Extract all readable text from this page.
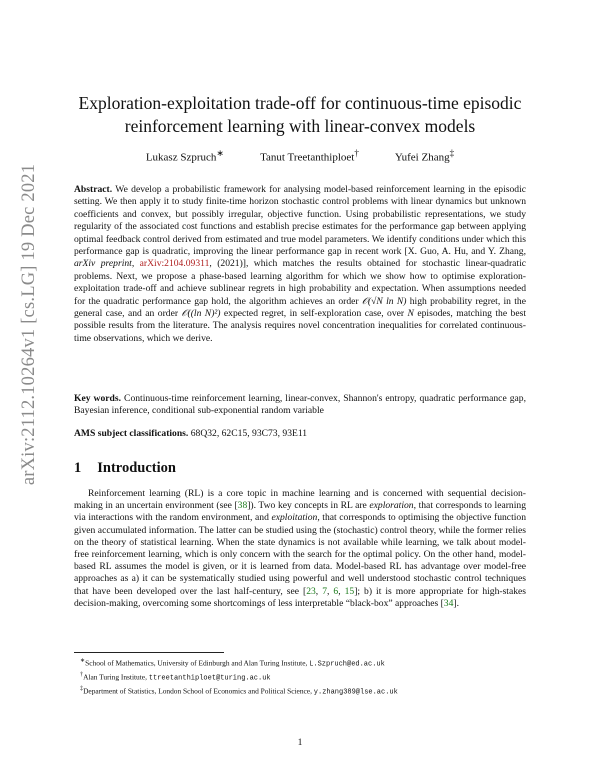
arXiv:2112.10264v1 [cs.LG] 19 Dec 2021
Exploration-exploitation trade-off for continuous-time episodic
reinforcement learning with linear-convex models
Lukasz Szpruch∗	Tanut Treetanthiploet†	Yufei Zhang‡
Abstract. We develop a probabilistic framework for analysing model-based reinforcement learning in the episodic setting. We then apply it to study finite-time horizon stochastic control problems with linear dynamics but unknown coefficients and convex, but possibly irregular, objective function. Using probabilistic representations, we study regularity of the associated cost functions and establish precise estimates for the performance gap between applying optimal feedback control derived from estimated and true model parameters. We identify conditions under which this performance gap is quadratic, improving the linear performance gap in recent work [X. Guo, A. Hu, and Y. Zhang, arXiv preprint, arXiv:2104.09311, (2021)], which matches the results obtained for stochastic linear-quadratic problems. Next, we propose a phase-based learning algorithm for which we show how to optimise exploration-exploitation trade-off and achieve sublinear regrets in high probability and expectation. When assumptions needed for the quadratic performance gap hold, the algorithm achieves an order 𝒪(√N ln N) high probability regret, in the general case, and an order 𝒪((ln N)²) expected regret, in self-exploration case, over N episodes, matching the best possible results from the literature. The analysis requires novel concentration inequalities for correlated continuous-time observations, which we derive.
Key words. Continuous-time reinforcement learning, linear-convex, Shannon's entropy, quadratic performance gap, Bayesian inference, conditional sub-exponential random variable
AMS subject classifications. 68Q32, 62C15, 93C73, 93E11
1 Introduction
Reinforcement learning (RL) is a core topic in machine learning and is concerned with sequential decision-making in an uncertain environment (see [38]). Two key concepts in RL are exploration, that corresponds to learning via interactions with the random environment, and exploitation, that corresponds to optimising the objective function given accumulated information. The latter can be studied using the (stochastic) control theory, while the former relies on the theory of statistical learning. When the state dynamics is not available while learning, we talk about model-free reinforcement learning, which is only concern with the search for the optimal policy. On the other hand, model-based RL assumes the model is given, or it is learned from data. Model-based RL has advantage over model-free approaches as a) it can be systematically studied using powerful and well understood stochastic control techniques that have been developed over the last half-century, see [23, 7, 6, 15]; b) it is more appropriate for high-stakes decision-making, overcoming some shortcomings of less interpretable “black-box” approaches [34].
∗School of Mathematics, University of Edinburgh and Alan Turing Institute, L.Szpruch@ed.ac.uk
†Alan Turing Institute, ttreetanthiploet@turing.ac.uk
‡Department of Statistics, London School of Economics and Political Science, y.zhang389@lse.ac.uk
1
